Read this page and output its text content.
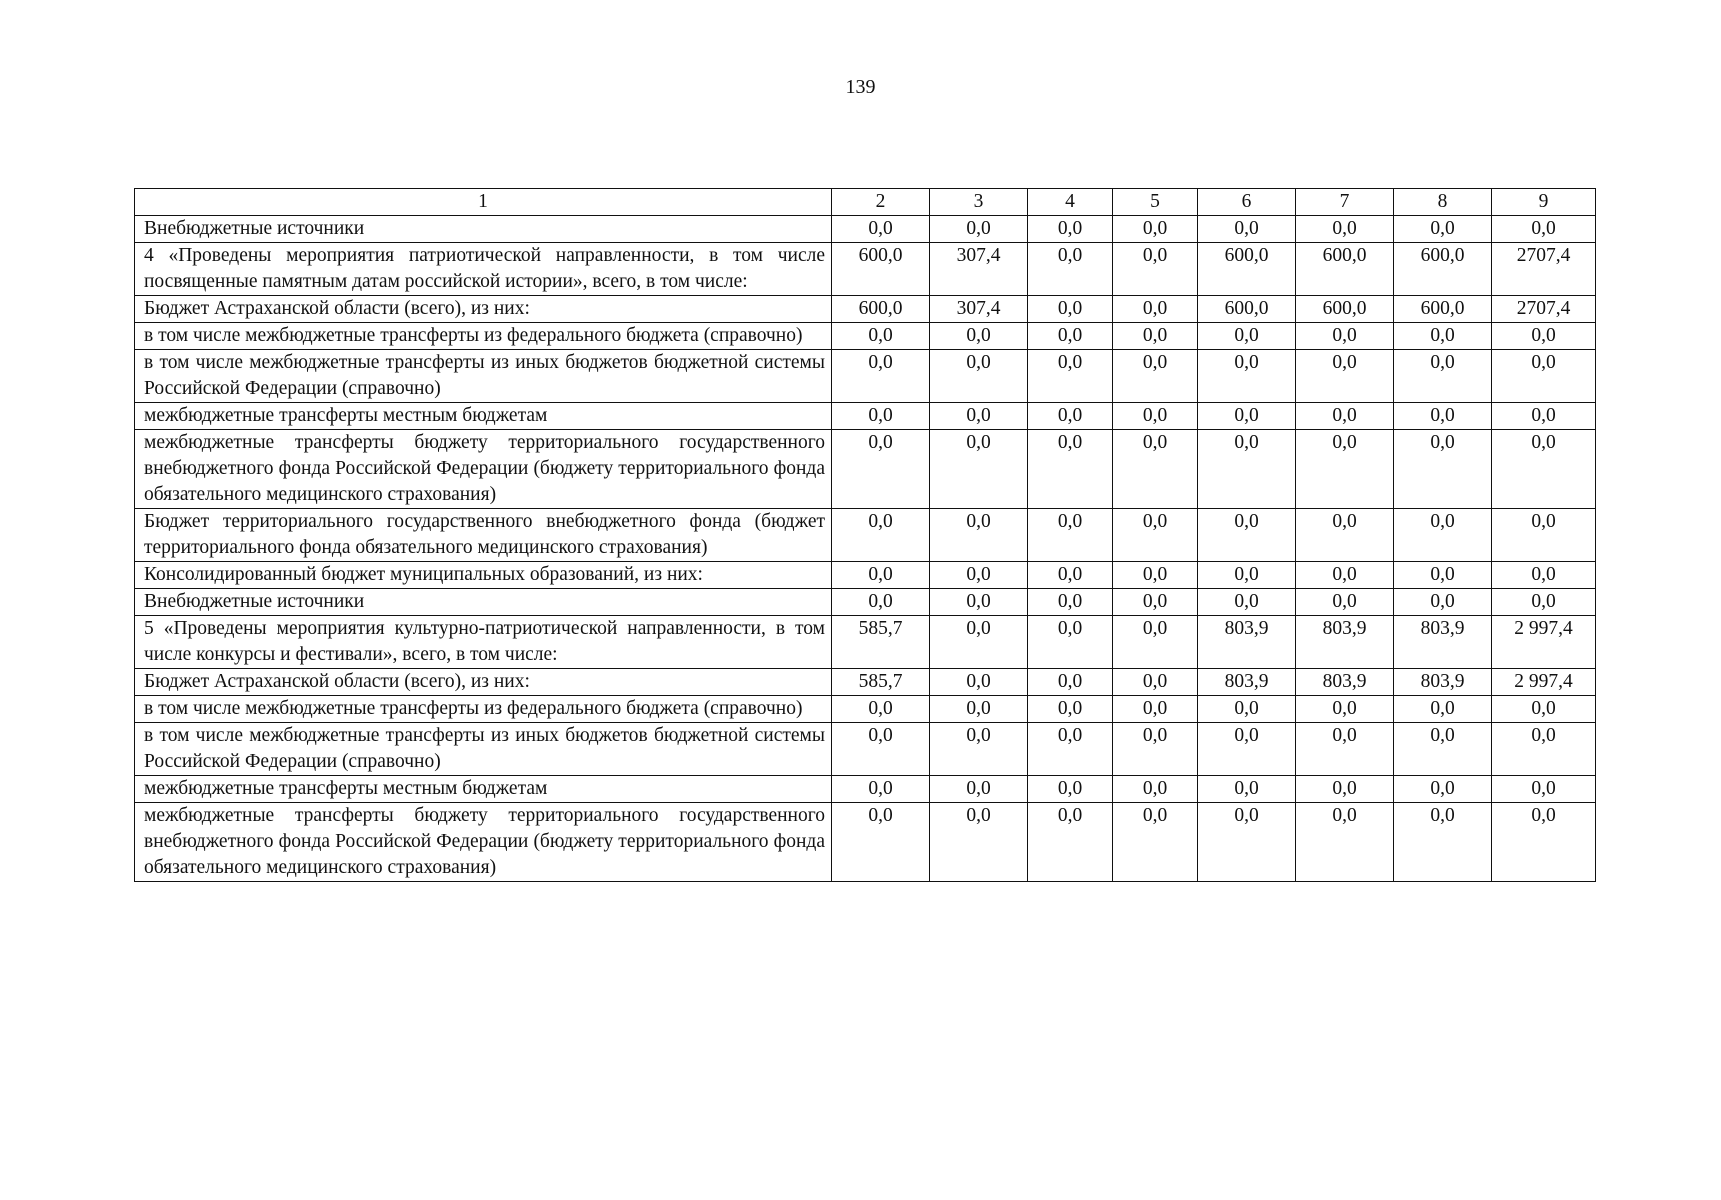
139
1	2	3	4	5	6	7	8	9
Внебюджетные источники	0,0	0,0	0,0	0,0	0,0	0,0	0,0	0,0
4 «Проведены мероприятия патриотической направленности, в том числе посвященные памятным датам российской истории», всего, в том числе:	600,0	307,4	0,0	0,0	600,0	600,0	600,0	2707,4
Бюджет Астраханской области (всего), из них:	600,0	307,4	0,0	0,0	600,0	600,0	600,0	2707,4
в том числе межбюджетные трансферты из федерального бюджета (справочно)	0,0	0,0	0,0	0,0	0,0	0,0	0,0	0,0
в том числе межбюджетные трансферты из иных бюджетов бюджетной системы Российской Федерации (справочно)	0,0	0,0	0,0	0,0	0,0	0,0	0,0	0,0
межбюджетные трансферты местным бюджетам	0,0	0,0	0,0	0,0	0,0	0,0	0,0	0,0
межбюджетные трансферты бюджету территориального государственного внебюджетного фонда Российской Федерации (бюджету территориального фонда обязательного медицинского страхования)	0,0	0,0	0,0	0,0	0,0	0,0	0,0	0,0
Бюджет территориального государственного внебюджетного фонда (бюджет территориального фонда обязательного медицинского страхования)	0,0	0,0	0,0	0,0	0,0	0,0	0,0	0,0
Консолидированный бюджет муниципальных образований, из них:	0,0	0,0	0,0	0,0	0,0	0,0	0,0	0,0
Внебюджетные источники	0,0	0,0	0,0	0,0	0,0	0,0	0,0	0,0
5 «Проведены мероприятия культурно-патриотической направленности, в том числе конкурсы и фестивали», всего, в том числе:	585,7	0,0	0,0	0,0	803,9	803,9	803,9	2 997,4
Бюджет Астраханской области (всего), из них:	585,7	0,0	0,0	0,0	803,9	803,9	803,9	2 997,4
в том числе межбюджетные трансферты из федерального бюджета (справочно)	0,0	0,0	0,0	0,0	0,0	0,0	0,0	0,0
в том числе межбюджетные трансферты из иных бюджетов бюджетной системы Российской Федерации (справочно)	0,0	0,0	0,0	0,0	0,0	0,0	0,0	0,0
межбюджетные трансферты местным бюджетам	0,0	0,0	0,0	0,0	0,0	0,0	0,0	0,0
межбюджетные трансферты бюджету территориального государственного внебюджетного фонда Российской Федерации (бюджету территориального фонда обязательного медицинского страхования)	0,0	0,0	0,0	0,0	0,0	0,0	0,0	0,0
